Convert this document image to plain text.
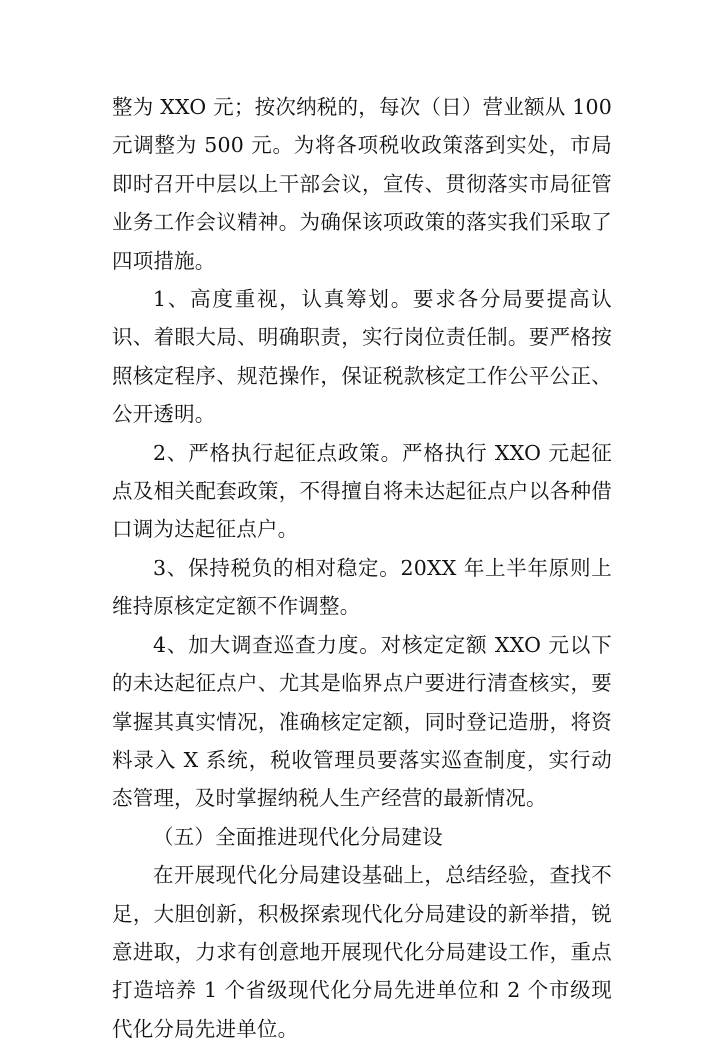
整为 XXO 元；按次纳税的，每次（日）营业额从 100 元调整为 500 元。为将各项税收政策落到实处，市局即时召开中层以上干部会议，宣传、贯彻落实市局征管业务工作会议精神。为确保该项政策的落实我们采取了四项措施。

1、高度重视，认真筹划。要求各分局要提高认识、着眼大局、明确职责，实行岗位责任制。要严格按照核定程序、规范操作，保证税款核定工作公平公正、公开透明。

2、严格执行起征点政策。严格执行 XXO 元起征点及相关配套政策，不得擅自将未达起征点户以各种借口调为达起征点户。

3、保持税负的相对稳定。20XX 年上半年原则上维持原核定定额不作调整。

4、加大调查巡查力度。对核定定额 XXO 元以下的未达起征点户、尤其是临界点户要进行清查核实，要掌握其真实情况，准确核定定额，同时登记造册，将资料录入 X 系统，税收管理员要落实巡查制度，实行动态管理，及时掌握纳税人生产经营的最新情况。

（五）全面推进现代化分局建设

在开展现代化分局建设基础上，总结经验，查找不足，大胆创新，积极探索现代化分局建设的新举措，锐意进取，力求有创意地开展现代化分局建设工作，重点打造培养 1 个省级现代化分局先进单位和 2 个市级现代化分局先进单位。
